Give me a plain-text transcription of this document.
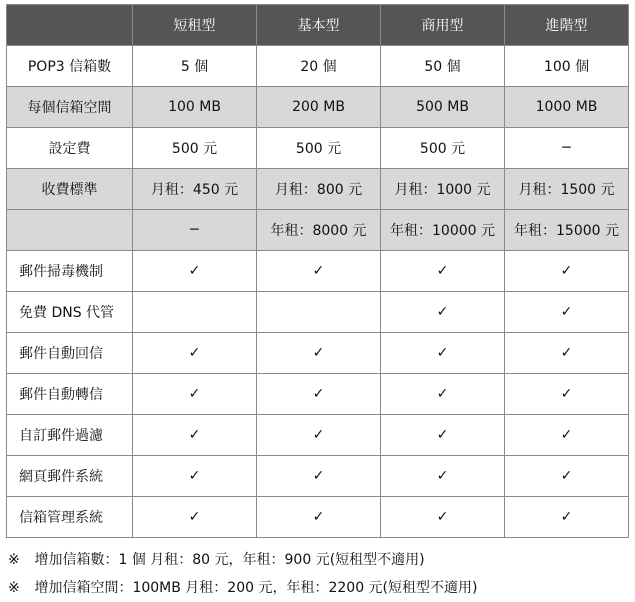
	短租型	基本型	商用型	進階型
POP3 信箱數	5 個	20 個	50 個	100 個
每個信箱空間	100 MB	200 MB	500 MB	1000 MB
設定費	500 元	500 元	500 元	─
收費標準	月租：450 元	月租：800 元	月租：1000 元	月租：1500 元
	─	年租：8000 元	年租：10000 元	年租：15000 元
郵件掃毒機制	✓	✓	✓	✓
免費 DNS 代管			✓	✓
郵件自動回信	✓	✓	✓	✓
郵件自動轉信	✓	✓	✓	✓
自訂郵件過濾	✓	✓	✓	✓
網頁郵件系統	✓	✓	✓	✓
信箱管理系統	✓	✓	✓	✓
※ 增加信箱數：1 個 月租：80 元，年租：900 元(短租型不適用)
※ 增加信箱空間：100MB 月租：200 元，年租：2200 元(短租型不適用)
